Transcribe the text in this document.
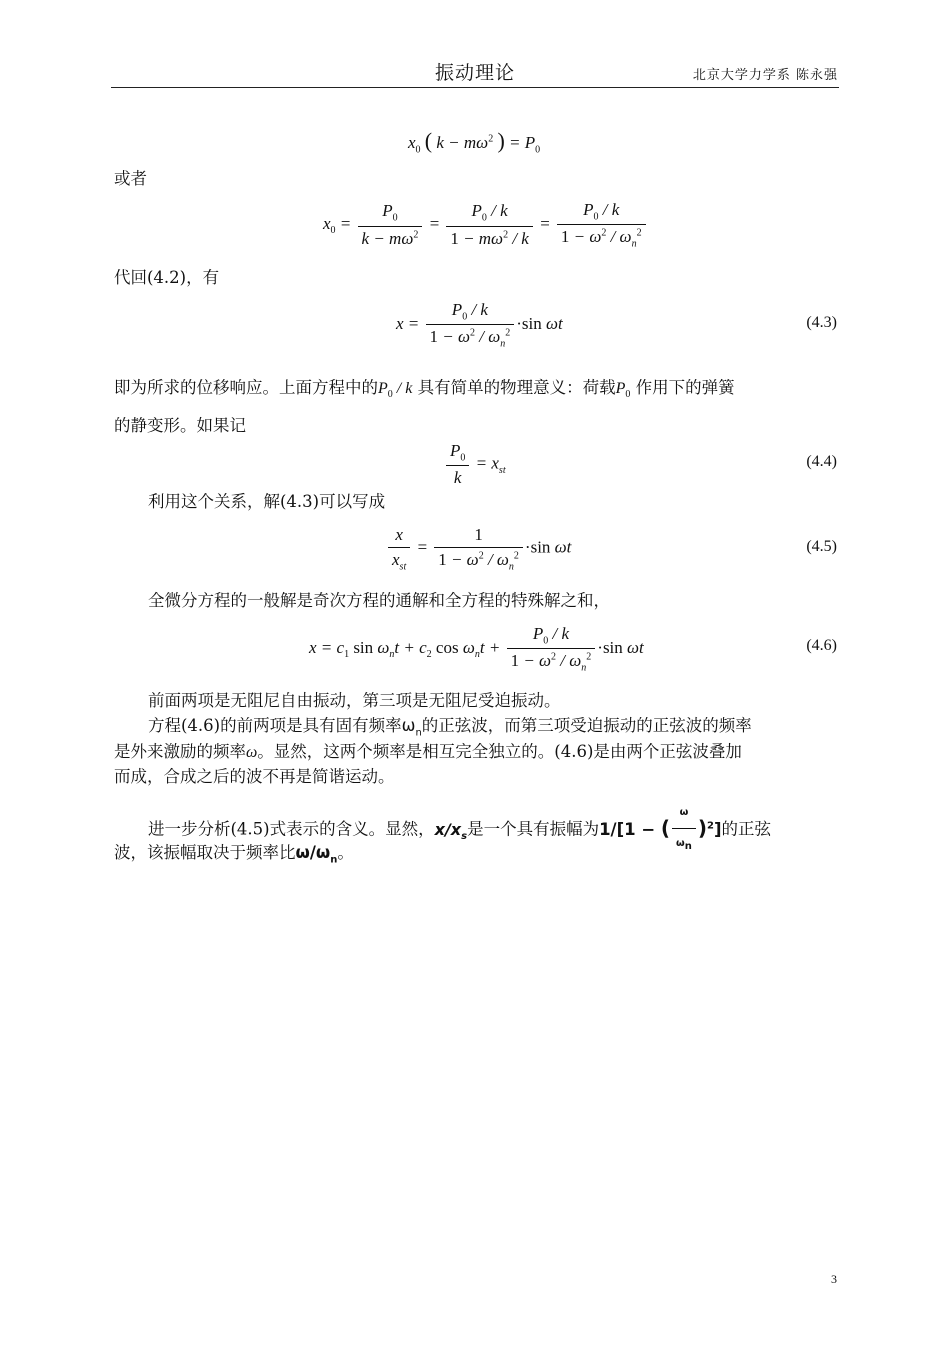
振动理论	北京大学力学系 陈永强
$x_0$ ( $k - m\omega^2$ ) = $P_0$
或者
$x_0 = \frac{P_0}{k - m\omega^2} = \frac{P_0 / k}{1 - m\omega^2 / k} = \frac{P_0 / k}{1 - \omega^2 / \omega_n^2}$
代回(4.2)，有
$x = \frac{P_0 / k}{1 - \omega^2 / \omega_n^2} \cdot\sin$ ωt	(4.3)
即为所求的位移响应。上面方程中的$P_0$ / k 具有简单的物理意义：荷载$P_0$ 作用下的弹簧
的静变形。如果记
$\frac{P_0}{k} = x_{st}$
(4.4)
利用这个关系，解(4.3)可以写成
$\frac{x}{x_{st}} = \frac{1}{1 - \omega^2 / \omega_n^2} \cdot\sin$ ωt	(4.5)
全微分方程的一般解是奇次方程的通解和全方程的特殊解之和，
$x = c_1$ $\sin \omega_nt + c_2$ $\cos \omega_nt + \frac{P_0 / k}{1 - \omega^2 / \omega_n^2} \cdot\sin$ ωt	(4.6)
前面两项是无阻尼自由振动，第三项是无阻尼受迫振动。
方程(4.6)的前两项是具有固有频率$\omega_n$的正弦波，而第三项受迫振动的正弦波的频率
是外来激励的频率ω。显然，这两个频率是相互完全独立的。(4.6)是由两个正弦波叠加
而成，合成之后的波不再是简谐运动。
进一步分析(4.5)式表示的含义。显然，$x/x_s$是一个具有振幅为1/[1 − ( $\frac{\omega}{\omega_n} )^2$]的正弦
波，该振幅取决于频率比$\omega/\omega_n$。
3
